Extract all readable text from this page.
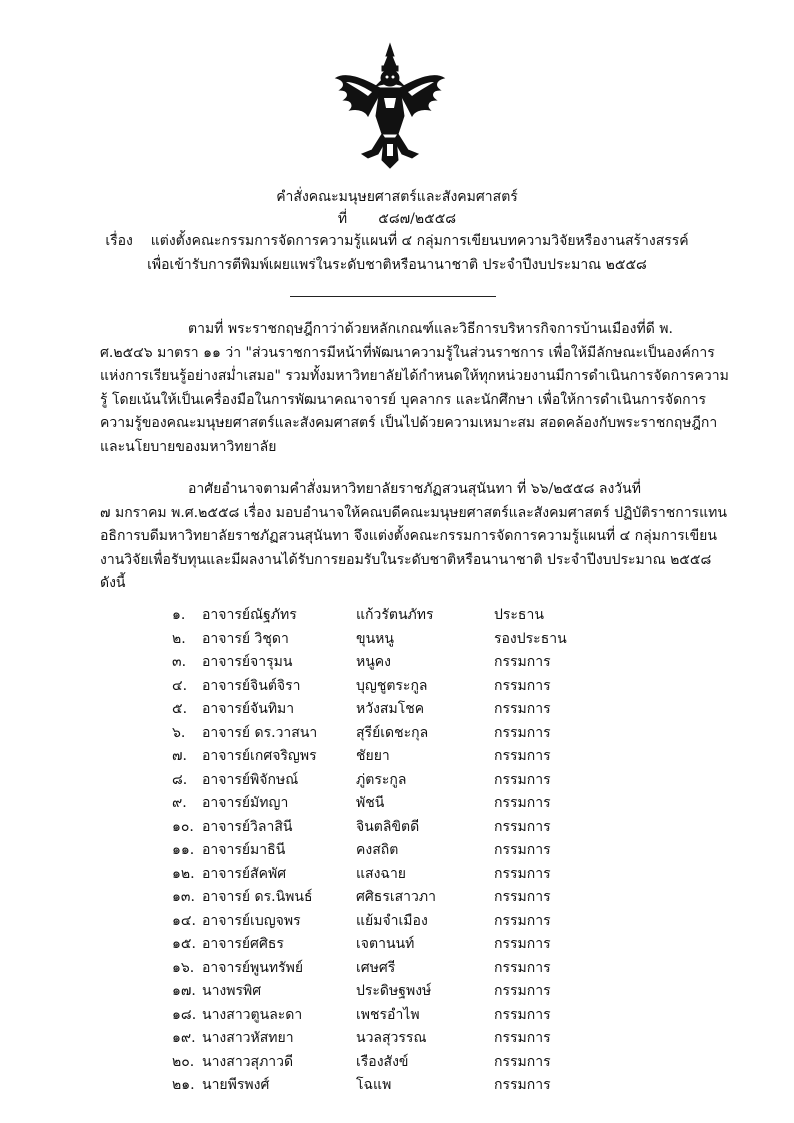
คำสั่งคณะมนุษยศาสตร์และสังคมศาสตร์
ที่ ๕๘๗/๒๕๕๘
เรื่อง แต่งตั้งคณะกรรมการจัดการความรู้แผนที่ ๔ กลุ่มการเขียนบทความวิจัยหรืองานสร้างสรรค์
เพื่อเข้ารับการตีพิมพ์เผยแพร่ในระดับชาติหรือนานาชาติ ประจำปีงบประมาณ ๒๕๕๘
ตามที่ พระราชกฤษฎีกาว่าด้วยหลักเกณฑ์และวิธีการบริหารกิจการบ้านเมืองที่ดี พ.
ศ.๒๕๔๖ มาตรา ๑๑ ว่า "ส่วนราชการมีหน้าที่พัฒนาความรู้ในส่วนราชการ เพื่อให้มีลักษณะเป็นองค์การ
แห่งการเรียนรู้อย่างสม่ำเสมอ" รวมทั้งมหาวิทยาลัยได้กำหนดให้ทุกหน่วยงานมีการดำเนินการจัดการความ
รู้ โดยเน้นให้เป็นเครื่องมือในการพัฒนาคณาจารย์ บุคลากร และนักศึกษา เพื่อให้การดำเนินการจัดการ
ความรู้ของคณะมนุษยศาสตร์และสังคมศาสตร์ เป็นไปด้วยความเหมาะสม สอดคล้องกับพระราชกฤษฎีกา
และนโยบายของมหาวิทยาลัย
อาศัยอำนาจตามคำสั่งมหาวิทยาลัยราชภัฏสวนสุนันทา ที่ ๖๖/๒๕๕๘ ลงวันที่
๗ มกราคม พ.ศ.๒๕๕๘ เรื่อง มอบอำนาจให้คณบดีคณะมนุษยศาสตร์และสังคมศาสตร์ ปฏิบัติราชการแทน
อธิการบดีมหาวิทยาลัยราชภัฏสวนสุนันทา จึงแต่งตั้งคณะกรรมการจัดการความรู้แผนที่ ๔ กลุ่มการเขียน
งานวิจัยเพื่อรับทุนและมีผลงานได้รับการยอมรับในระดับชาติหรือนานาชาติ ประจำปีงบประมาณ ๒๕๕๘
ดังนี้
๑. อาจารย์ณัฐภัทร	แก้วรัตนภัทร	ประธาน
๒. อาจารย์ วิชุดา	ขุนหนู	รองประธาน
๓. อาจารย์จารุมน	หนูคง	กรรมการ
๔. อาจารย์จินต์จิรา	บุญชูตระกูล	กรรมการ
๕. อาจารย์จันทิมา	หวังสมโชค	กรรมการ
๖. อาจารย์ ดร.วาสนา	สุรีย์เดชะกุล	กรรมการ
๗. อาจารย์เกศจริญพร	ชัยยา	กรรมการ
๘. อาจารย์พิจักษณ์	ภู่ตระกูล	กรรมการ
๙. อาจารย์มัทญา	พัชนี	กรรมการ
๑๐. อาจารย์วิลาสินี	จินตลิขิตดี	กรรมการ
๑๑. อาจารย์มาธินี	คงสถิต	กรรมการ
๑๒. อาจารย์สัคพัศ	แสงฉาย	กรรมการ
๑๓. อาจารย์ ดร.นิพนธ์	ศศิธรเสาวภา	กรรมการ
๑๔. อาจารย์เบญจพร	แย้มจำเมือง	กรรมการ
๑๕. อาจารย์ศศิธร	เจตานนท์	กรรมการ
๑๖. อาจารย์พูนทรัพย์	เศษศรี	กรรมการ
๑๗. นางพรพิศ	ประดิษฐพงษ์	กรรมการ
๑๘. นางสาวตูนละดา	เพชรอำไพ	กรรมการ
๑๙. นางสาวหัสทยา	นวลสุวรรณ	กรรมการ
๒๐. นางสาวสุภาวดี	เรืองสังข์	กรรมการ
๒๑. นายพีรพงศ์	โฉแพ	กรรมการ
